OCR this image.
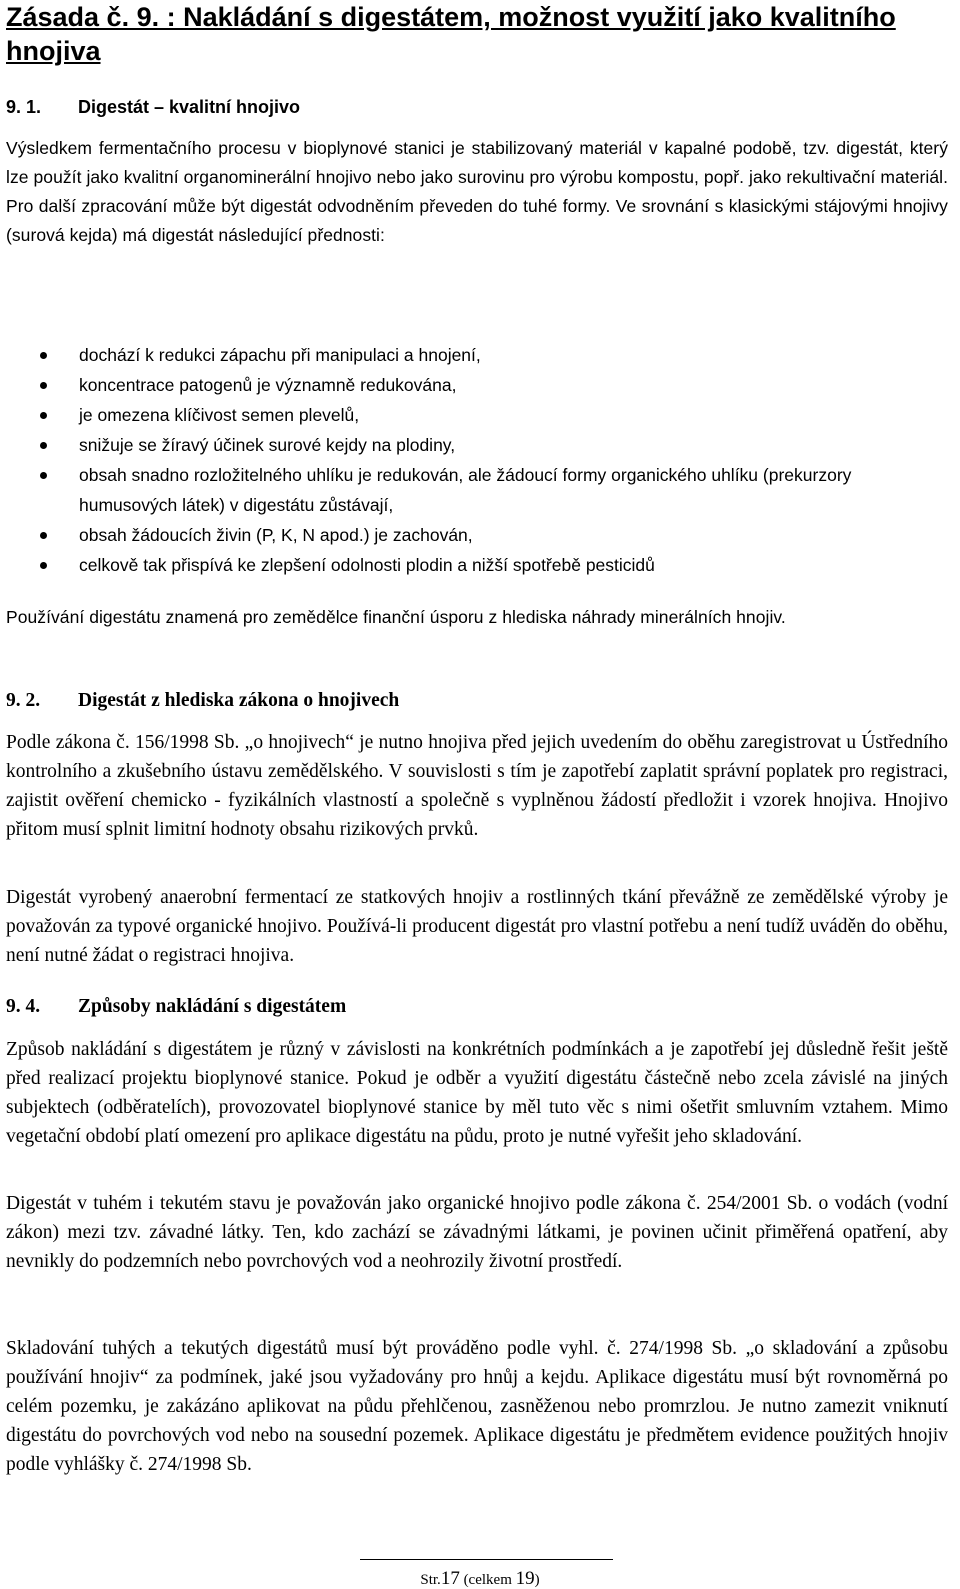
Zásada č. 9. : Nakládání s digestátem, možnost využití jako kvalitního hnojiva
9. 1. Digestát – kvalitní hnojivo

Výsledkem fermentačního procesu v bioplynové stanici je stabilizovaný materiál v kapalné podobě, tzv. digestát, který lze použít jako kvalitní organominerální hnojivo nebo jako surovinu pro výrobu kompostu, popř. jako rekultivační materiál. Pro další zpracování může být digestát odvodněním převeden do tuhé formy. Ve srovnání s klasickými stájovými hnojivy (surová kejda) má digestát následující přednosti:

dochází k redukci zápachu při manipulaci a hnojení,
koncentrace patogenů je významně redukována,
je omezena klíčivost semen plevelů,
snižuje se žíravý účinek surové kejdy na plodiny,
obsah snadno rozložitelného uhlíku je redukován, ale žádoucí formy organického uhlíku (prekurzory humusových látek) v digestátu zůstávají,
obsah žádoucích živin (P, K, N apod.) je zachován,
celkově tak přispívá ke zlepšení odolnosti plodin a nižší spotřebě pesticidů

Používání digestátu znamená pro zemědělce finanční úsporu z hlediska náhrady minerálních hnojiv.

9. 2. Digestát z hlediska zákona o hnojivech

Podle zákona č. 156/1998 Sb. „o hnojivech“ je nutno hnojiva před jejich uvedením do oběhu zaregistrovat u Ústředního kontrolního a zkušebního ústavu zemědělského. V souvislosti s tím je zapotřebí zaplatit správní poplatek pro registraci, zajistit ověření chemicko - fyzikálních vlastností a společně s vyplněnou žádostí předložit i vzorek hnojiva. Hnojivo přitom musí splnit limitní hodnoty obsahu rizikových prvků.

Digestát vyrobený anaerobní fermentací ze statkových hnojiv a rostlinných tkání převážně ze zemědělské výroby je považován za typové organické hnojivo. Používá-li producent digestát pro vlastní potřebu a není tudíž uváděn do oběhu, není nutné žádat o registraci hnojiva.

9. 4. Způsoby nakládání s digestátem

Způsob nakládání s digestátem je různý v závislosti na konkrétních podmínkách a je zapotřebí jej důsledně řešit ještě před realizací projektu bioplynové stanice. Pokud je odběr a využití digestátu částečně nebo zcela závislé na jiných subjektech (odběratelích), provozovatel bioplynové stanice by měl tuto věc s nimi ošetřit smluvním vztahem. Mimo vegetační období platí omezení pro aplikace digestátu na půdu, proto je nutné vyřešit jeho skladování.

Digestát v tuhém i tekutém stavu je považován jako organické hnojivo podle zákona č. 254/2001 Sb. o vodách (vodní zákon) mezi tzv. závadné látky. Ten, kdo zachází se závadnými látkami, je povinen učinit přiměřená opatření, aby nevnikly do podzemních nebo povrchových vod a neohrozily životní prostředí.

Skladování tuhých a tekutých digestátů musí být prováděno podle vyhl. č. 274/1998 Sb. „o skladování a způsobu používání hnojiv“ za podmínek, jaké jsou vyžadovány pro hnůj a kejdu. Aplikace digestátu musí být rovnoměrná po celém pozemku, je zakázáno aplikovat na půdu přehlčenou, zasněženou nebo promrzlou. Je nutno zamezit vniknutí digestátu do povrchových vod nebo na sousední pozemek. Aplikace digestátu je předmětem evidence použitých hnojiv podle vyhlášky č. 274/1998 Sb.

Str.17 (celkem 19)
